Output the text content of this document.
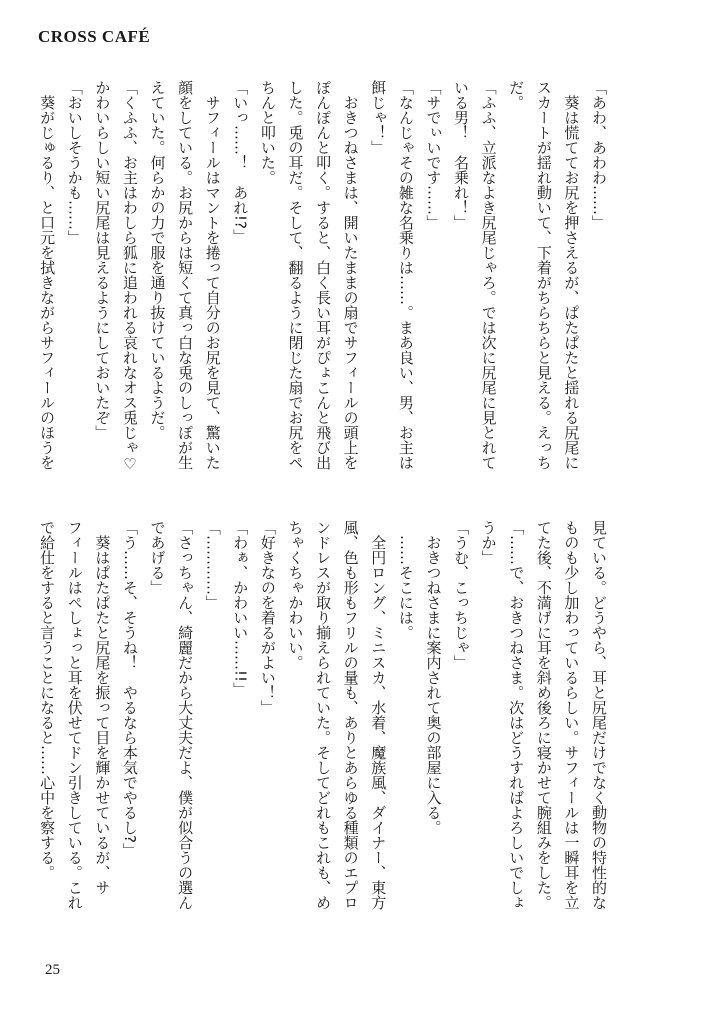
CROSS CAFÉ
「あわ、あわわ……」
　葵は慌ててお尻を押さえるが、ぱたぱたと揺れる尻尾に
スカートが揺れ動いて、下着がちらちらと見える。えっち
だ。
「ふふ、立派なよき尻尾じゃろ。では次に尻尾に見とれて
いる男！　名乗れ！」
「サでぃいです……」
「なんじゃその雑な名乗りは……。まあ良い、男、お主は
餌じゃ！」
　おきつねさまは、開いたままの扇でサフィールの頭上を
ぽんぽんと叩く。すると、白く長い耳がぴょこんと飛び出
した。兎の耳だ。そして、翻るように閉じた扇でお尻をペ
ちんと叩いた。
「いっ……！　あれ!?」
　サフィールはマントを捲って自分のお尻を見て、驚いた
顔をしている。お尻からは短くて真っ白な兎のしっぽが生
えていた。何らかの力で服を通り抜けているようだ。
「くふふ、お主はわしら狐に追われる哀れなオス兎じゃ♡
かわいらしい短い尻尾は見えるようにしておいたぞ」
「おいしそうかも……」
　葵がじゅるり、と口元を拭きながらサフィールのほうを
見ている。どうやら、耳と尻尾だけでなく動物の特性的な
ものも少し加わっているらしい。サフィールは一瞬耳を立
てた後、不満げに耳を斜め後ろに寝かせて腕組みをした。
「……で、おきつねさま。次はどうすればよろしいでしょ
うか」
「うむ、こっちじゃ」
　おきつねさまに案内されて奥の部屋に入る。
　……そこには。
　全円ロング、ミニスカ、水着、魔族風、ダイナー、東方
風、色も形もフリルの量も、ありとあらゆる種類のエプロ
ンドレスが取り揃えられていた。そしてどれもこれも、め
ちゃくちゃかわいい。
「好きなのを着るがよい！」
「わぁ、かわいい……!!」
「…………」
「さっちゃん、綺麗だから大丈夫だよ、僕が似合うの選ん
であげる」
「う……そ、そうね！　やるなら本気でやるし?」
　葵はぱたぱたと尻尾を振って目を輝かせているが、サ
フィールはぺしょっと耳を伏せてドン引きしている。これ
で給仕をすると言うことになると……心中を察する。
25
